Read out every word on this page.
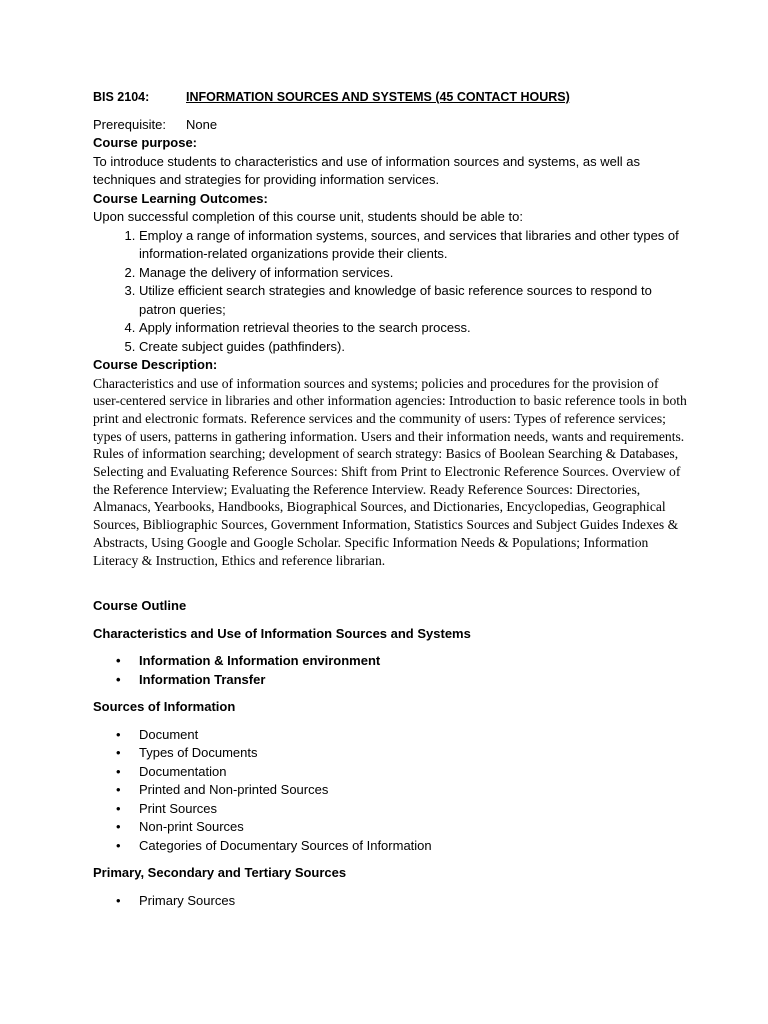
BIS 2104:	INFORMATION SOURCES AND SYSTEMS (45 CONTACT HOURS)

Prerequisite: None

Course purpose:

To introduce students to characteristics and use of information sources and systems, as well as techniques and strategies for providing information services.

Course Learning Outcomes:

Upon successful completion of this course unit, students should be able to:

1. Employ a range of information systems, sources, and services that libraries and other types of information-related organizations provide their clients.
2. Manage the delivery of information services.
3. Utilize efficient search strategies and knowledge of basic reference sources to respond to patron queries;
4. Apply information retrieval theories to the search process.
5. Create subject guides (pathfinders).

Course Description:

Characteristics and use of information sources and systems; policies and procedures for the provision of user-centered service in libraries and other information agencies: Introduction to basic reference tools in both print and electronic formats. Reference services and the community of users: Types of reference services; types of users, patterns in gathering information. Users and their information needs, wants and requirements. Rules of information searching; development of search strategy: Basics of Boolean Searching & Databases, Selecting and Evaluating Reference Sources: Shift from Print to Electronic Reference Sources. Overview of the Reference Interview; Evaluating the Reference Interview. Ready Reference Sources: Directories, Almanacs, Yearbooks, Handbooks, Biographical Sources, and Dictionaries, Encyclopedias, Geographical Sources, Bibliographic Sources, Government Information, Statistics Sources and Subject Guides Indexes & Abstracts, Using Google and Google Scholar. Specific Information Needs & Populations; Information Literacy & Instruction, Ethics and reference librarian.

Course Outline

Characteristics and Use of Information Sources and Systems

• Information & Information environment
• Information Transfer

Sources of Information

• Document
• Types of Documents
• Documentation
• Printed and Non-printed Sources
• Print Sources
• Non-print Sources
• Categories of Documentary Sources of Information

Primary, Secondary and Tertiary Sources

• Primary Sources
